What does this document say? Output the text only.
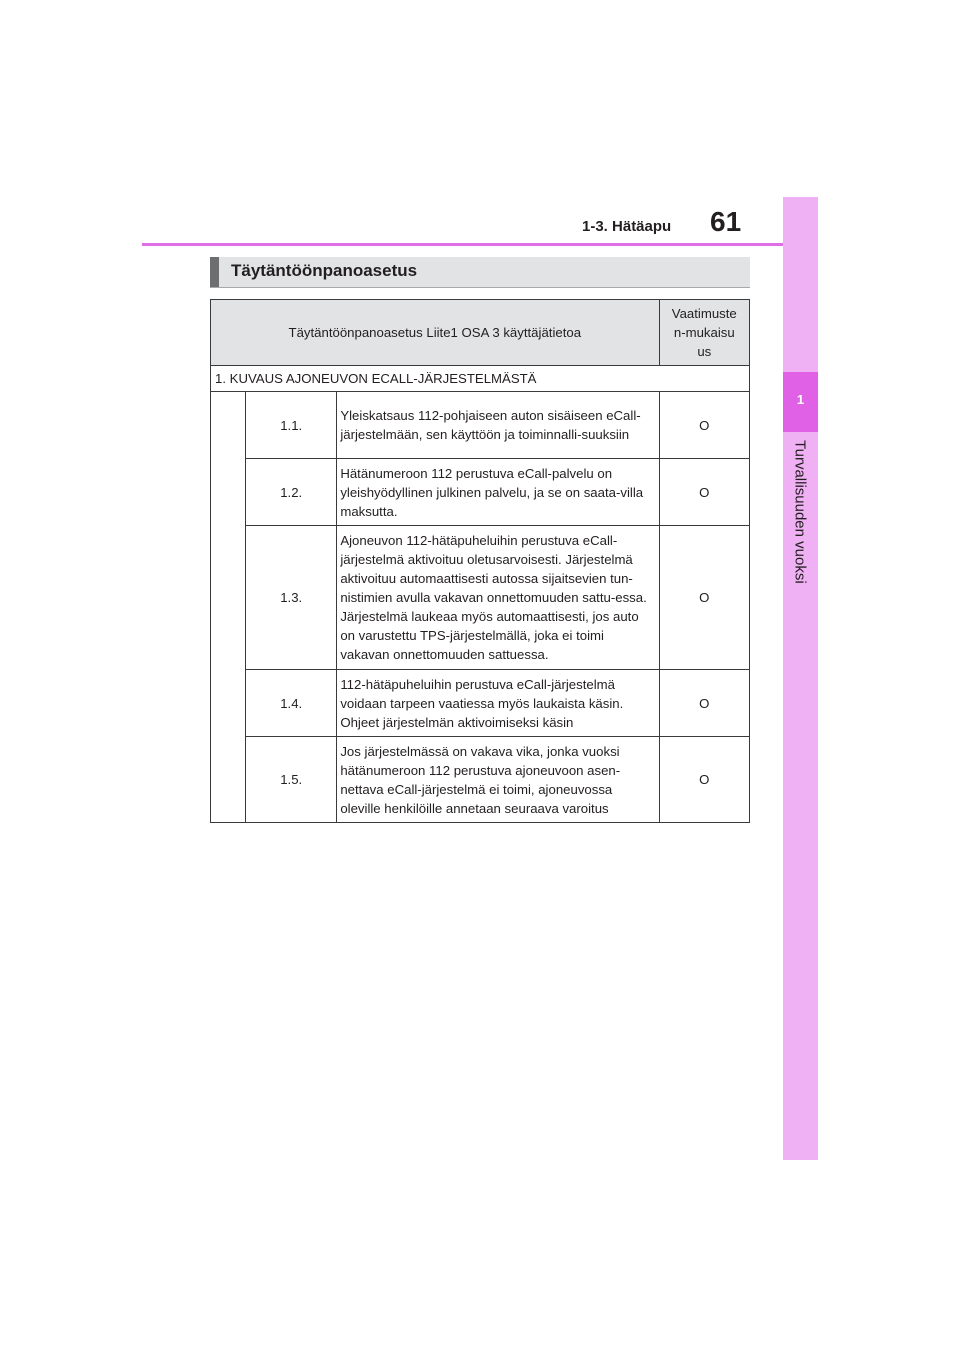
1
Turvallisuuden vuoksi
1-3. Hätäapu 61
Täytäntöönpanoasetus
Täytäntöönpanoasetus Liite1 OSA 3 käyttäjätietoa			Vaatimusten-mukaisuus
1. KUVAUS AJONEUVON ECALL-JÄRJESTELMÄSTÄ			
	1.1.	Yleiskatsaus 112-pohjaiseen auton sisäiseen eCall-järjestelmään, sen käyttöön ja toiminnalli-suuksiin	O
	1.2.	Hätänumeroon 112 perustuva eCall-palvelu on yleishyödyllinen julkinen palvelu, ja se on saata-villa maksutta.	O
	1.3.	Ajoneuvon 112-hätäpuheluihin perustuva eCall-järjestelmä aktivoituu oletusarvoisesti. Järjestelmä aktivoituu automaattisesti autossa sijaitsevien tun-nistimien avulla vakavan onnettomuuden sattu-essa. Järjestelmä laukeaa myös automaattisesti, jos auto on varustettu TPS-järjestelmällä, joka ei toimi vakavan onnettomuuden sattuessa.	O
	1.4.	112-hätäpuheluihin perustuva eCall-järjestelmä voidaan tarpeen vaatiessa myös laukaista käsin. Ohjeet järjestelmän aktivoimiseksi käsin	O
	1.5.	Jos järjestelmässä on vakava vika, jonka vuoksi hätänumeroon 112 perustuva ajoneuvoon asen-nettava eCall-järjestelmä ei toimi, ajoneuvossa oleville henkilöille annetaan seuraava varoitus	O
